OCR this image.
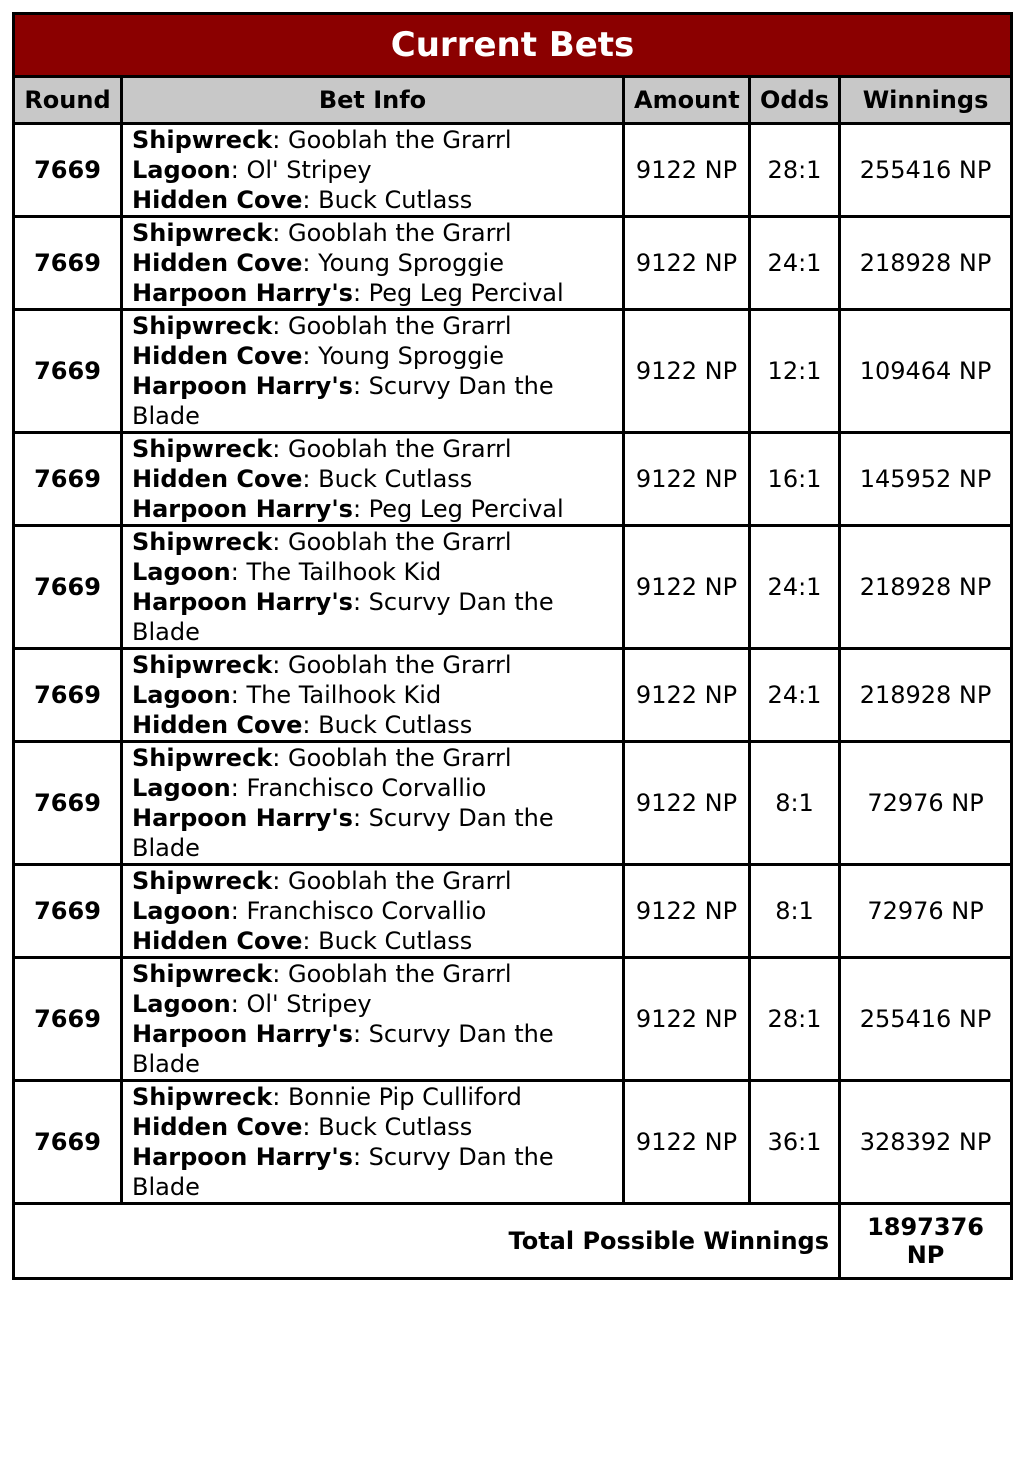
Current Bets				
Round	Bet Info	Amount	Odds	Winnings
7669	Shipwreck: Gooblah the Grarrl
Lagoon: Ol' Stripey
Hidden Cove: Buck Cutlass	9122 NP	28:1	255416 NP
7669	Shipwreck: Gooblah the Grarrl
Hidden Cove: Young Sproggie
Harpoon Harry's: Peg Leg Percival	9122 NP	24:1	218928 NP
7669	Shipwreck: Gooblah the Grarrl
Hidden Cove: Young Sproggie
Harpoon Harry's: Scurvy Dan the Blade	9122 NP	12:1	109464 NP
7669	Shipwreck: Gooblah the Grarrl
Hidden Cove: Buck Cutlass
Harpoon Harry's: Peg Leg Percival	9122 NP	16:1	145952 NP
7669	Shipwreck: Gooblah the Grarrl
Lagoon: The Tailhook Kid
Harpoon Harry's: Scurvy Dan the Blade	9122 NP	24:1	218928 NP
7669	Shipwreck: Gooblah the Grarrl
Lagoon: The Tailhook Kid
Hidden Cove: Buck Cutlass	9122 NP	24:1	218928 NP
7669	Shipwreck: Gooblah the Grarrl
Lagoon: Franchisco Corvallio
Harpoon Harry's: Scurvy Dan the Blade	9122 NP	8:1	72976 NP
7669	Shipwreck: Gooblah the Grarrl
Lagoon: Franchisco Corvallio
Hidden Cove: Buck Cutlass	9122 NP	8:1	72976 NP
7669	Shipwreck: Gooblah the Grarrl
Lagoon: Ol' Stripey
Harpoon Harry's: Scurvy Dan the Blade	9122 NP	28:1	255416 NP
7669	Shipwreck: Bonnie Pip Culliford
Hidden Cove: Buck Cutlass
Harpoon Harry's: Scurvy Dan the Blade	9122 NP	36:1	328392 NP
Total Possible Winnings				1897376 NP
